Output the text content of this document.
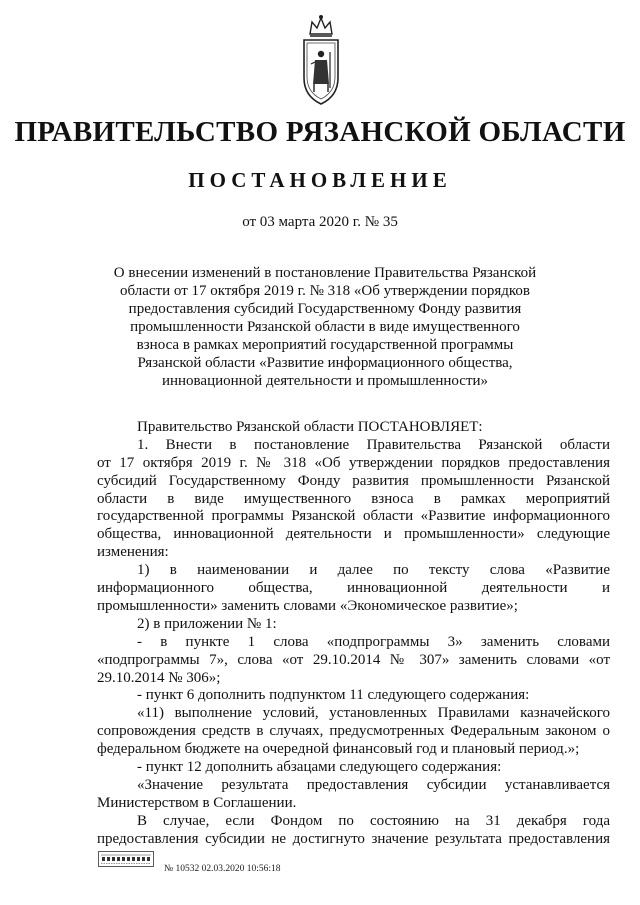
ПРАВИТЕЛЬСТВО РЯЗАНСКОЙ ОБЛАСТИ
ПОСТАНОВЛЕНИЕ
от 03 марта 2020 г. № 35
О внесении изменений в постановление Правительства Рязанской
области от 17 октября 2019 г. № 318 «Об утверждении порядков
предоставления субсидий Государственному Фонду развития
промышленности Рязанской области в виде имущественного
взноса в рамках мероприятий государственной программы
Рязанской области «Развитие информационного общества,
инновационной деятельности и промышленности»
Правительство Рязанской области ПОСТАНОВЛЯЕТ:
1. Внести в постановление Правительства Рязанской области
от 17 октября 2019 г. № 318 «Об утверждении порядков предоставления
субсидий Государственному Фонду развития промышленности Рязанской
области в виде имущественного взноса в рамках мероприятий
государственной программы Рязанской области «Развитие информационного
общества, инновационной деятельности и промышленности» следующие
изменения:
1) в наименовании и далее по тексту слова «Развитие
информационного общества, инновационной деятельности и
промышленности» заменить словами «Экономическое развитие»;
2) в приложении № 1:
- в пункте 1 слова «подпрограммы 3» заменить словами
«подпрограммы 7», слова «от 29.10.2014 № 307» заменить словами «от
29.10.2014 № 306»;
- пункт 6 дополнить подпунктом 11 следующего содержания:
«11) выполнение условий, установленных Правилами казначейского
сопровождения средств в случаях, предусмотренных Федеральным законом о
федеральном бюджете на очередной финансовый год и плановый период.»;
- пункт 12 дополнить абзацами следующего содержания:
«Значение результата предоставления субсидии устанавливается
Министерством в Соглашении.
В случае, если Фондом по состоянию на 31 декабря года
предоставления субсидии не достигнуто значение результата предоставления
№ 10532 02.03.2020 10:56:18
